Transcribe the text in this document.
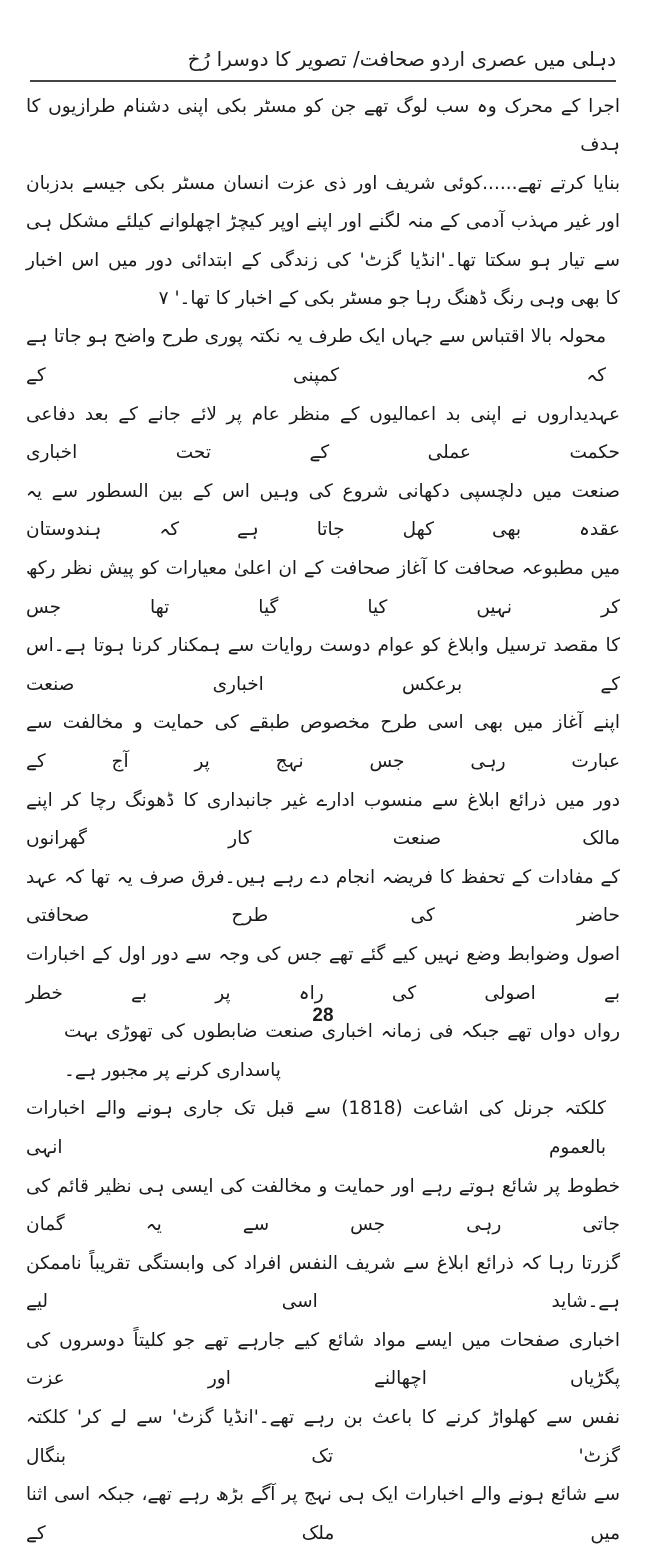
دہلی میں عصری اردو صحافت/ تصویر کا دوسرا رُخ

اجرا کے محرک وہ سب لوگ تھے جن کو مسٹر بکی اپنی دشنام طرازیوں کا ہدف

بنایا کرتے تھے......کوئی شریف اور ذی عزت انسان مسٹر بکی جیسے بدزبان

اور غیر مہذب آدمی کے منہ لگنے اور اپنے اوپر کیچڑ اچھلوانے کیلئے مشکل ہی

سے تیار ہو سکتا تھا۔'انڈیا گزٹ' کی زندگی کے ابتدائی دور میں اس اخبار

کا بھی وہی رنگ ڈھنگ رہا جو مسٹر بکی کے اخبار کا تھا۔' ۷

محولہ بالا اقتباس سے جہاں ایک طرف یہ نکتہ پوری طرح واضح ہو جاتا ہے کہ کمپنی کے

عہدیداروں نے اپنی بد اعمالیوں کے منظر عام پر لائے جانے کے بعد دفاعی حکمت عملی کے تحت اخباری

صنعت میں دلچسپی دکھانی شروع کی وہیں اس کے بین السطور سے یہ عقدہ بھی کھل جاتا ہے کہ ہندوستان

میں مطبوعہ صحافت کا آغاز صحافت کے ان اعلیٰ معیارات کو پیش نظر رکھ کر نہیں کیا گیا تھا جس

کا مقصد ترسیل وابلاغ کو عوام دوست روایات سے ہمکنار کرنا ہوتا ہے۔اس کے برعکس اخباری صنعت

اپنے آغاز میں بھی اسی طرح مخصوص طبقے کی حمایت و مخالفت سے عبارت رہی جس نہج پر آج کے

دور میں ذرائع ابلاغ سے منسوب ادارے غیر جانبداری کا ڈھونگ رچا کر اپنے مالک صنعت کار گھرانوں

کے مفادات کے تحفظ کا فریضہ انجام دے رہے ہیں۔فرق صرف یہ تھا کہ عہد حاضر کی طرح صحافتی

اصول وضوابط وضع نہیں کیے گئے تھے جس کی وجہ سے دور اول کے اخبارات بے اصولی کی راہ پر بے خطر

رواں دواں تھے جبکہ فی زمانہ اخباری صنعت ضابطوں کی تھوڑی بہت پاسداری کرنے پر مجبور ہے۔

کلکتہ جرنل کی اشاعت (1818) سے قبل تک جاری ہونے والے اخبارات بالعموم انہی

خطوط پر شائع ہوتے رہے اور حمایت و مخالفت کی ایسی ہی نظیر قائم کی جاتی رہی جس سے یہ گمان

گزرتا رہا کہ ذرائع ابلاغ سے شریف النفس افراد کی وابستگی تقریباً ناممکن ہے۔شاید اسی لیے

اخباری صفحات میں ایسے مواد شائع کیے جارہے تھے جو کلیتاً دوسروں کی پگڑیاں اچھالنے اور عزت

نفس سے کھلواڑ کرنے کا باعث بن رہے تھے۔'انڈیا گزٹ' سے لے کر' کلکتہ گزٹ' تک بنگال

سے شائع ہونے والے اخبارات ایک ہی نہج پر آگے بڑھ رہے تھے، جبکہ اسی اثنا میں ملک کے

28
